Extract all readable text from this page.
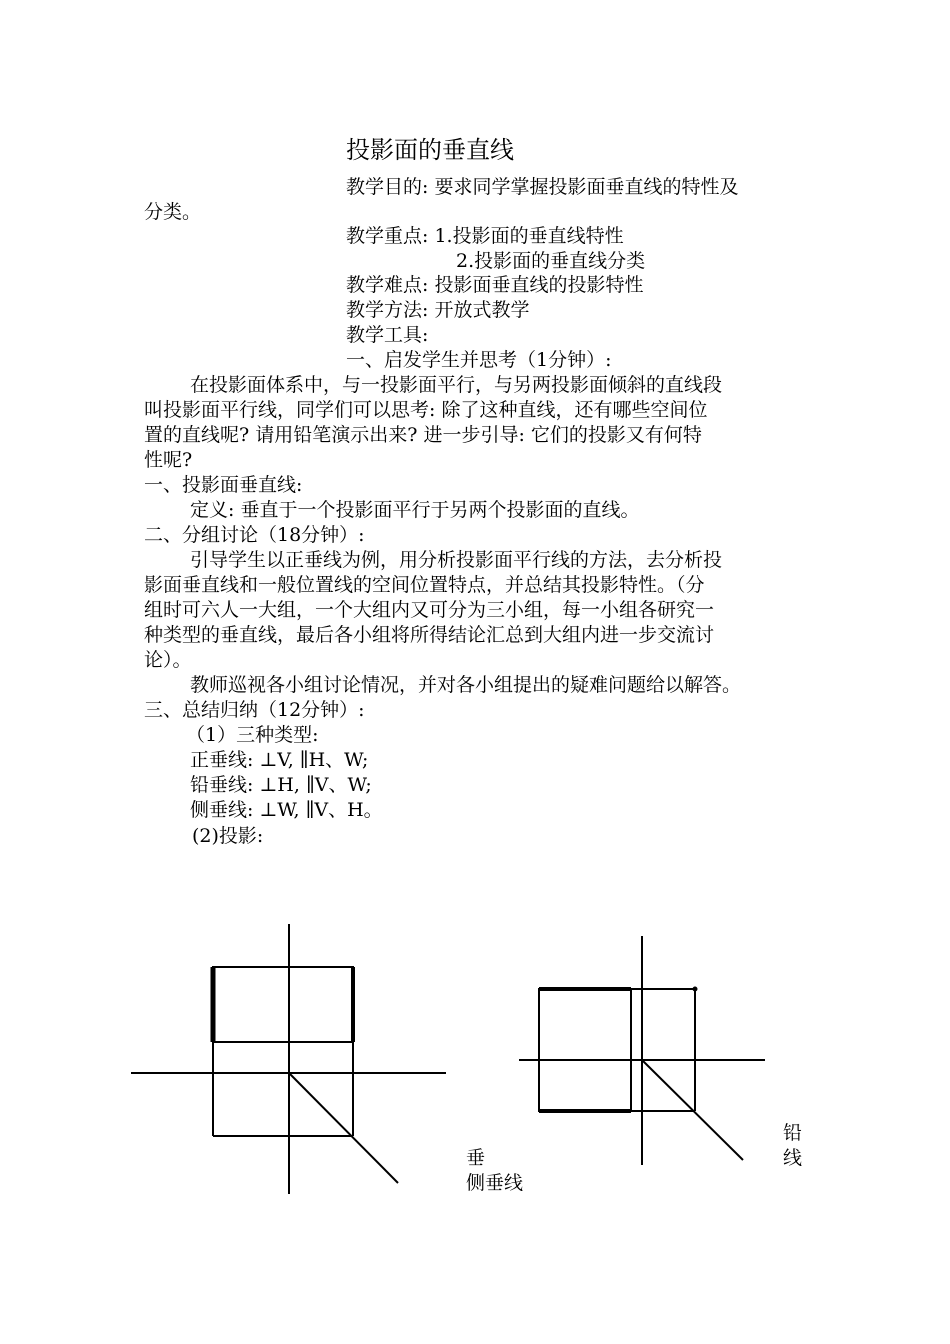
投影面的垂直线
教学目的: 要求同学掌握投影面垂直线的特性及
分类。
教学重点: 1.投影面的垂直线特性
2.投影面的垂直线分类
教学难点: 投影面垂直线的投影特性
教学方法: 开放式教学
教学工具:
一、启发学生并思考（1分钟）:
在投影面体系中，与一投影面平行，与另两投影面倾斜的直线段
叫投影面平行线，同学们可以思考: 除了这种直线，还有哪些空间位
置的直线呢? 请用铅笔演示出来? 进一步引导: 它们的投影又有何特
性呢?
一、投影面垂直线:
定义: 垂直于一个投影面平行于另两个投影面的直线。
二、分组讨论（18分钟）:
引导学生以正垂线为例，用分析投影面平行线的方法，去分析投
影面垂直线和一般位置线的空间位置特点，并总结其投影特性。（分
组时可六人一大组，一个大组内又可分为三小组，每一小组各研究一
种类型的垂直线，最后各小组将所得结论汇总到大组内进一步交流讨
论）。
教师巡视各小组讨论情况，并对各小组提出的疑难问题给以解答。
三、总结归纳（12分钟）:
（1）三种类型:
正垂线: ⊥V, ∥H、W;
铅垂线: ⊥H, ∥V、W;
侧垂线: ⊥W, ∥V、H。
(2)投影:
垂
侧垂线
铅
线
